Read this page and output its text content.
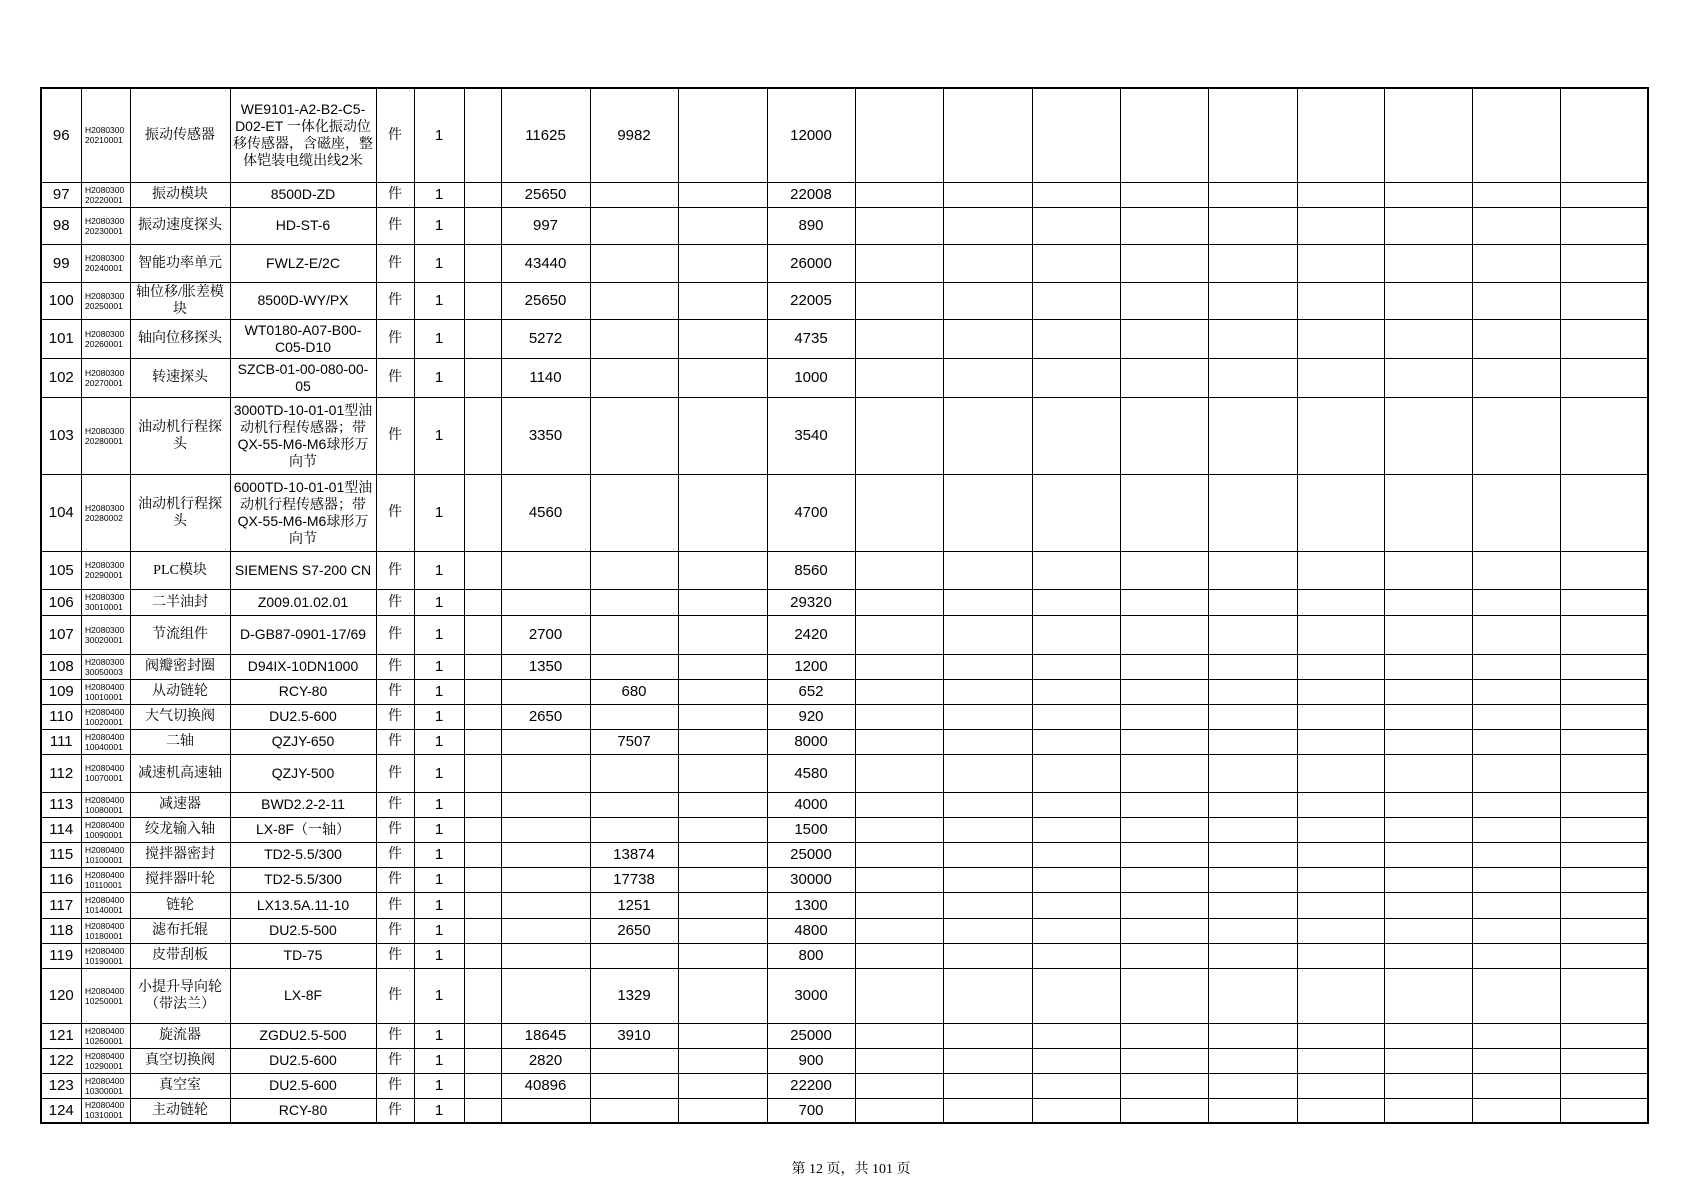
96	H208030020210001	振动传感器	WE9101-A2-B2-C5-D02-ET 一体化振动位移传感器，含磁座，整体铠装电缆出线2米	件	1		11625	9982		12000									
97	H208030020220001	振动模块	8500D-ZD	件	1		25650			22008									
98	H208030020230001	振动速度探头	HD-ST-6	件	1		997			890									
99	H208030020240001	智能功率单元	FWLZ-E/2C	件	1		43440			26000									
100	H208030020250001	轴位移/胀差模块	8500D-WY/PX	件	1		25650			22005									
101	H208030020260001	轴向位移探头	WT0180-A07-B00-C05-D10	件	1		5272			4735									
102	H208030020270001	转速探头	SZCB-01-00-080-00-05	件	1		1140			1000									
103	H208030020280001	油动机行程探头	3000TD-10-01-01型油动机行程传感器；带QX-55-M6-M6球形万向节	件	1		3350			3540									
104	H208030020280002	油动机行程探头	6000TD-10-01-01型油动机行程传感器；带QX-55-M6-M6球形万向节	件	1		4560			4700									
105	H208030020290001	PLC模块	SIEMENS S7-200 CN	件	1					8560									
106	H208030030010001	二半油封	Z009.01.02.01	件	1					29320									
107	H208030030020001	节流组件	D-GB87-0901-17/69	件	1		2700			2420									
108	H208030030050003	阀瓣密封圈	D94IX-10DN1000	件	1		1350			1200									
109	H208040010010001	从动链轮	RCY-80	件	1			680		652									
110	H208040010020001	大气切换阀	DU2.5-600	件	1		2650			920									
111	H208040010040001	二轴	QZJY-650	件	1			7507		8000									
112	H208040010070001	减速机高速轴	QZJY-500	件	1					4580									
113	H208040010080001	减速器	BWD2.2-2-11	件	1					4000									
114	H208040010090001	绞龙输入轴	LX-8F（一轴）	件	1					1500									
115	H208040010100001	搅拌器密封	TD2-5.5/300	件	1			13874		25000									
116	H208040010110001	搅拌器叶轮	TD2-5.5/300	件	1			17738		30000									
117	H208040010140001	链轮	LX13.5A.11-10	件	1			1251		1300									
118	H208040010180001	滤布托辊	DU2.5-500	件	1			2650		4800									
119	H208040010190001	皮带刮板	TD-75	件	1					800									
120	H208040010250001	小提升导向轮（带法兰）	LX-8F	件	1			1329		3000									
121	H208040010260001	旋流器	ZGDU2.5-500	件	1		18645	3910		25000									
122	H208040010290001	真空切换阀	DU2.5-600	件	1		2820			900									
123	H208040010300001	真空室	DU2.5-600	件	1		40896			22200									
124	H208040010310001	主动链轮	RCY-80	件	1					700									
第 12 页，共 101 页
